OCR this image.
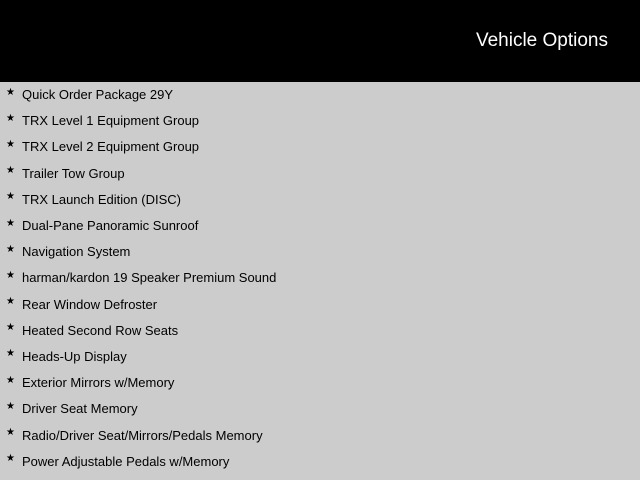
Vehicle Options
★ Quick Order Package 29Y
★ TRX Level 1 Equipment Group
★ TRX Level 2 Equipment Group
★ Trailer Tow Group
★ TRX Launch Edition (DISC)
★ Dual-Pane Panoramic Sunroof
★ Navigation System
★ harman/kardon 19 Speaker Premium Sound
★ Rear Window Defroster
★ Heated Second Row Seats
★ Heads-Up Display
★ Exterior Mirrors w/Memory
★ Driver Seat Memory
★ Radio/Driver Seat/Mirrors/Pedals Memory
★ Power Adjustable Pedals w/Memory
